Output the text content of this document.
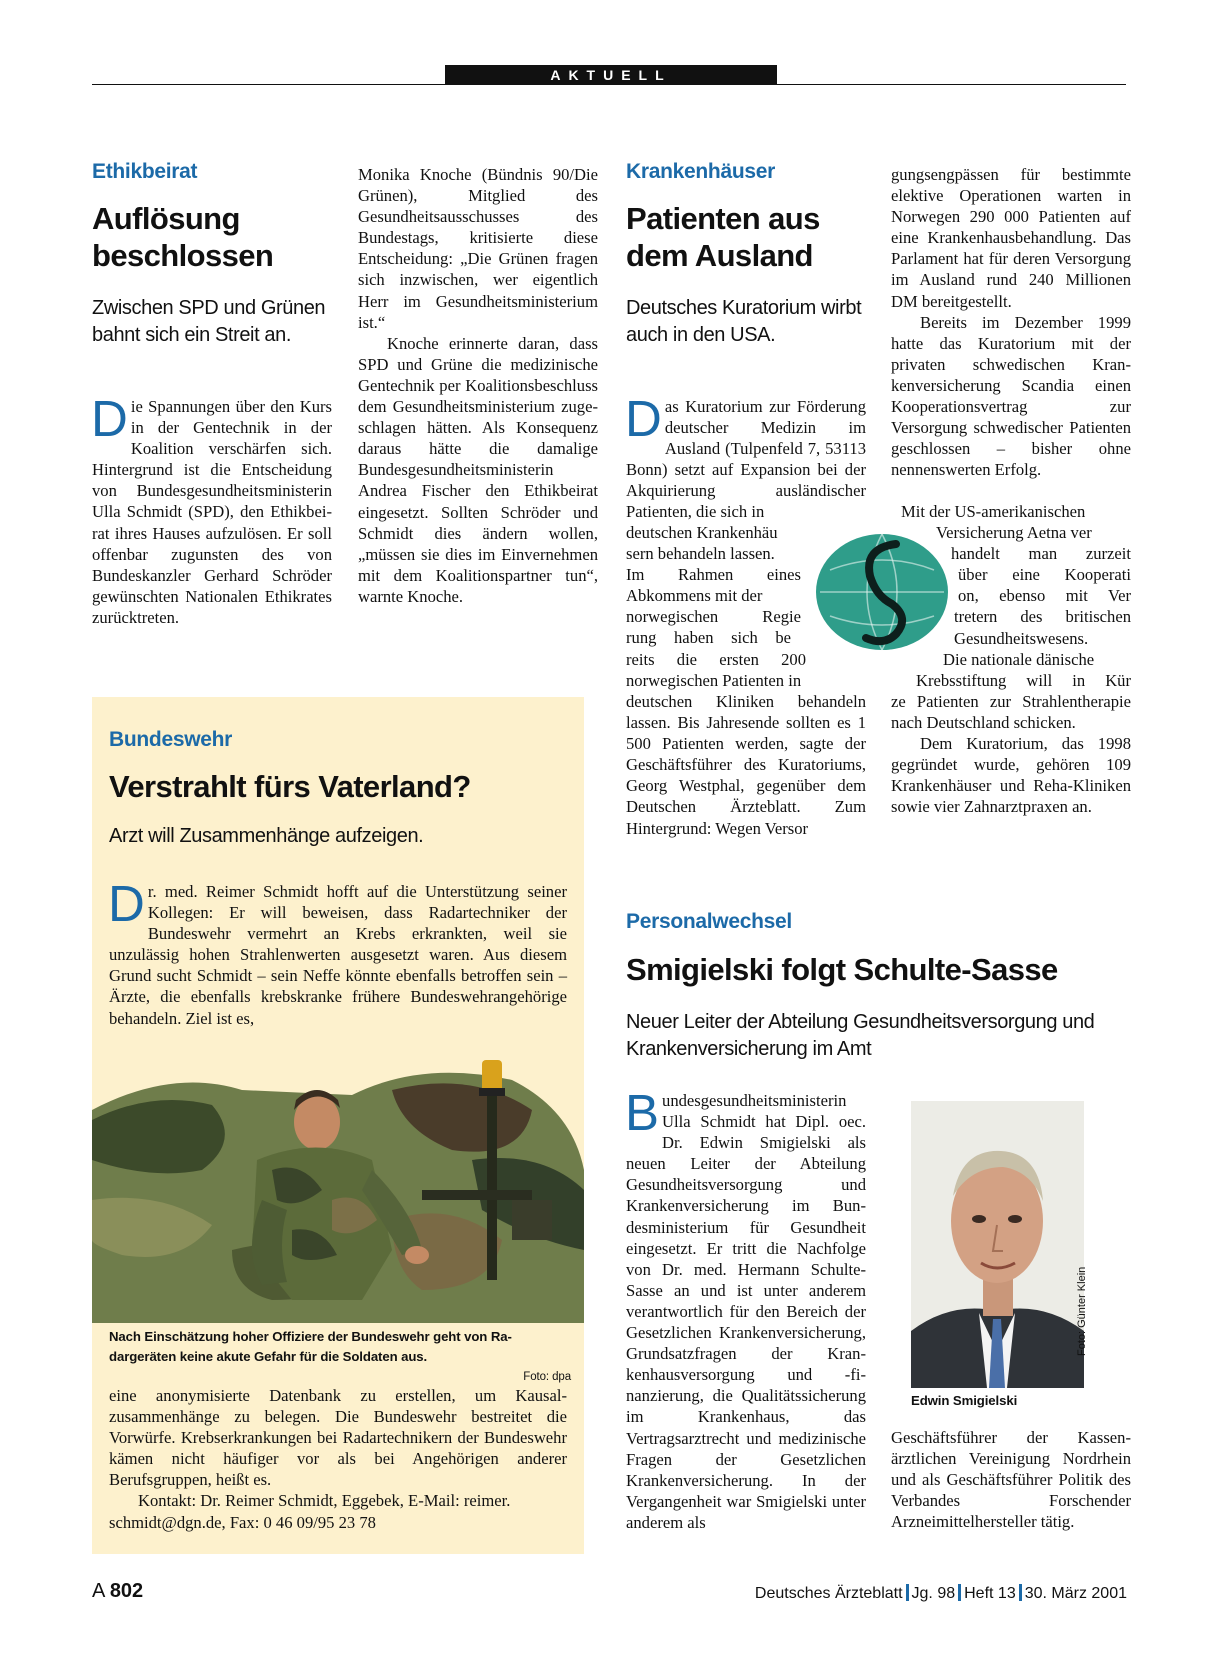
AKTUELL
Ethikbeirat
Auflösung beschlossen
Zwischen SPD und Grünen bahnt sich ein Streit an.

Die Spannungen über den Kurs in der Gentechnik in der Koalition verschärfen sich. Hintergrund ist die Entscheidung von Bundesgesundheitsministerin Ulla Schmidt (SPD), den Ethikbeirat ihres Hauses aufzulösen. Er soll offenbar zugunsten des von Bundeskanzler Gerhard Schröder gewünschten Nationalen Ethikrates zurücktreten.

Monika Knoche (Bündnis 90/Die Grünen), Mitglied des Gesundheitsausschusses des Bundestags, kritisierte diese Entscheidung: „Die Grünen fragen sich inzwischen, wer eigentlich Herr im Gesundheitsministerium ist.“

Knoche erinnerte daran, dass SPD und Grüne die medizinische Gentechnik per Koalitionsbeschluss dem Gesundheitsministerium zugeschlagen hätten. Als Konsequenz daraus hätte die damalige Bundesgesundheitsministerin Andrea Fischer den Ethikbeirat eingesetzt. Sollten Schröder und Schmidt dies ändern wollen, „müssen sie dies im Einvernehmen mit dem Koalitionspartner tun“, warnte Knoche.

Bundeswehr
Verstrahlt fürs Vaterland?
Arzt will Zusammenhänge aufzeigen.

Dr. med. Reimer Schmidt hofft auf die Unterstützung seiner Kollegen: Er will beweisen, dass Radartechniker der Bundeswehr vermehrt an Krebs erkrankten, weil sie unzulässig hohen Strahlenwerten ausgesetzt waren. Aus diesem Grund sucht Schmidt – sein Neffe könnte ebenfalls betroffen sein – Ärzte, die ebenfalls krebskranke frühere Bundeswehrangehörige behandeln. Ziel ist es,

Nach Einschätzung hoher Offiziere der Bundeswehr geht von Radargeräten keine akute Gefahr für die Soldaten aus.
Foto: dpa

eine anonymisierte Datenbank zu erstellen, um Kausalzusammenhänge zu belegen. Die Bundeswehr bestreitet die Vorwürfe. Krebserkrankungen bei Radartechnikern der Bundeswehr kämen nicht häufiger vor als bei Angehörigen anderer Berufsgruppen, heißt es.

Kontakt: Dr. Reimer Schmidt, Eggebek, E-Mail: reimer. schmidt@dgn.de, Fax: 0 46 09/95 23 78

Krankenhäuser
Patienten aus dem Ausland
Deutsches Kuratorium wirbt auch in den USA.

Das Kuratorium zur Förderung deutscher Medizin im Ausland (Tulpenfeld 7, 53113 Bonn) setzt auf Expansion bei der Akquirierung ausländischer Patienten, die sich in

deutschen Krankenhäu
sern behandeln lassen.
Im Rahmen eines
Abkommens mit der
norwegischen Regie
rung haben sich be
reits die ersten 200
norwegischen Patienten in

deutschen Kliniken behandeln lassen. Bis Jahresende sollten es 1 500 Patienten werden, sagte der Geschäftsführer des Kuratoriums, Georg Westphal, gegenüber dem Deutschen Ärzteblatt. Zum Hintergrund: Wegen Versor

gungsengpässen für bestimmte elektive Operationen warten in Norwegen 290 000 Patienten auf eine Krankenhausbehandlung. Das Parlament hat für deren Versorgung im Ausland rund 240 Millionen DM bereitgestellt.

Bereits im Dezember 1999 hatte das Kuratorium mit der privaten schwedischen Krankenversicherung Scandia einen Kooperationsvertrag zur Versorgung schwedischer Patienten geschlossen – bisher ohne nennenswerten Erfolg.

Mit der US-amerikanischen
Versicherung Aetna ver
handelt man zurzeit
über eine Kooperati
on, ebenso mit Ver
tretern des britischen
Gesundheitswesens.
Die nationale dänische
Krebsstiftung will in Kür

ze Patienten zur Strahlentherapie nach Deutschland schicken.

Dem Kuratorium, das 1998 gegründet wurde, gehören 109 Krankenhäuser und Reha-Kliniken sowie vier Zahnarztpraxen an.

Personalwechsel
Smigielski folgt Schulte-Sasse
Neuer Leiter der Abteilung Gesundheitsversorgung und Krankenversicherung im Amt

Bundesgesundheitsministerin Ulla Schmidt hat Dipl. oec. Dr. Edwin Smigielski als neuen Leiter der Abteilung Gesundheitsversorgung und Krankenversicherung im Bundesministerium für Gesundheit eingesetzt. Er tritt die Nachfolge von Dr. med. Hermann Schulte-Sasse an und ist unter anderem verantwortlich für den Bereich der Gesetzlichen Krankenversicherung, Grundsatzfragen der Krankenhausversorgung und -finanzierung, die Qualitätssicherung im Krankenhaus, das Vertragsarztrecht und medizinische Fragen der Gesetzlichen Krankenversicherung. In der Vergangenheit war Smigielski unter anderem als

Foto: Günter Klein
Edwin Smigielski

Geschäftsführer der Kassenärztlichen Vereinigung Nordrhein und als Geschäftsführer Politik des Verbandes Forschender Arzneimittelhersteller tätig.

A 802	Deutsches Ärzteblatt Jg. 98 Heft 13 30. März 2001
